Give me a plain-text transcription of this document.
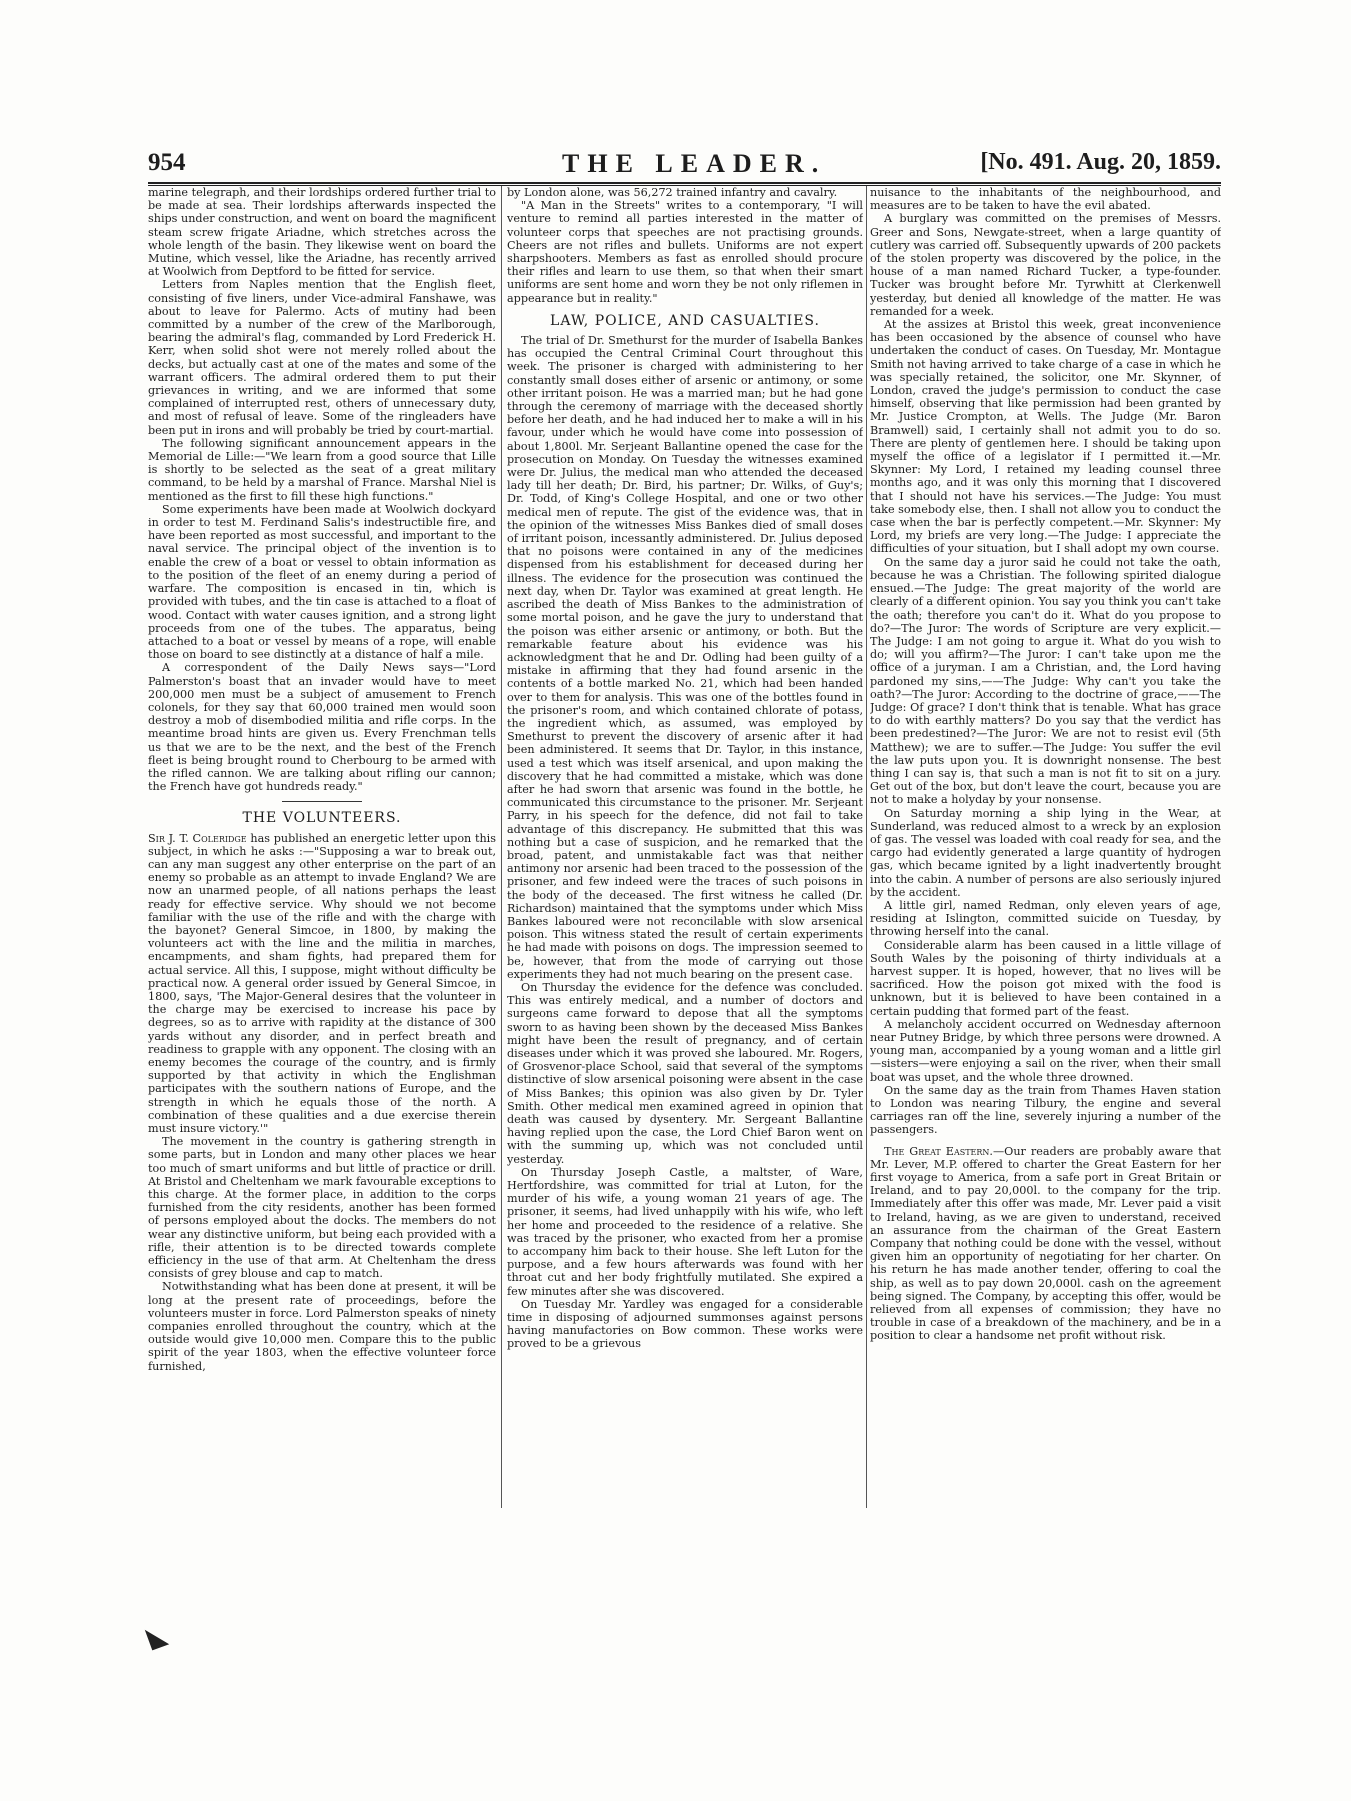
954	THE LEADER.	[No. 491. Aug. 20, 1859.

marine telegraph, and their lordships ordered further trial to be made at sea. Their lordships afterwards inspected the ships under construction, and went on board the magnificent steam screw frigate Ariadne, which stretches across the whole length of the basin. They likewise went on board the Mutine, which vessel, like the Ariadne, has recently arrived at Woolwich from Deptford to be fitted for service.

Letters from Naples mention that the English fleet, consisting of five liners, under Vice-admiral Fanshawe, was about to leave for Palermo. Acts of mutiny had been committed by a number of the crew of the Marlborough, bearing the admiral's flag, commanded by Lord Frederick H. Kerr, when solid shot were not merely rolled about the decks, but actually cast at one of the mates and some of the warrant officers. The admiral ordered them to put their grievances in writing, and we are informed that some complained of interrupted rest, others of unnecessary duty, and most of refusal of leave. Some of the ringleaders have been put in irons and will probably be tried by court-martial.

The following significant announcement appears in the Memorial de Lille:—"We learn from a good source that Lille is shortly to be selected as the seat of a great military command, to be held by a marshal of France. Marshal Niel is mentioned as the first to fill these high functions."

Some experiments have been made at Woolwich dockyard in order to test M. Ferdinand Salis's indestructible fire, and have been reported as most successful, and important to the naval service. The principal object of the invention is to enable the crew of a boat or vessel to obtain information as to the position of the fleet of an enemy during a period of warfare. The composition is encased in tin, which is provided with tubes, and the tin case is attached to a float of wood. Contact with water causes ignition, and a strong light proceeds from one of the tubes. The apparatus, being attached to a boat or vessel by means of a rope, will enable those on board to see distinctly at a distance of half a mile.

A correspondent of the Daily News says—"Lord Palmerston's boast that an invader would have to meet 200,000 men must be a subject of amusement to French colonels, for they say that 60,000 trained men would soon destroy a mob of disembodied militia and rifle corps. In the meantime broad hints are given us. Every Frenchman tells us that we are to be the next, and the best of the French fleet is being brought round to Cherbourg to be armed with the rifled cannon. We are talking about rifling our cannon; the French have got hundreds ready."

THE VOLUNTEERS.

Sir J. T. Coleridge has published an energetic letter upon this subject, in which he asks :—"Supposing a war to break out, can any man suggest any other enterprise on the part of an enemy so probable as an attempt to invade England? We are now an unarmed people, of all nations perhaps the least ready for effective service. Why should we not become familiar with the use of the rifle and with the charge with the bayonet? General Simcoe, in 1800, by making the volunteers act with the line and the militia in marches, encampments, and sham fights, had prepared them for actual service. All this, I suppose, might without difficulty be practical now. A general order issued by General Simcoe, in 1800, says, 'The Major-General desires that the volunteer in the charge may be exercised to increase his pace by degrees, so as to arrive with rapidity at the distance of 300 yards without any disorder, and in perfect breath and readiness to grapple with any opponent. The closing with an enemy becomes the courage of the country, and is firmly supported by that activity in which the Englishman participates with the southern nations of Europe, and the strength in which he equals those of the north. A combination of these qualities and a due exercise therein must insure victory.'"

The movement in the country is gathering strength in some parts, but in London and many other places we hear too much of smart uniforms and but little of practice or drill. At Bristol and Cheltenham we mark favourable exceptions to this charge. At the former place, in addition to the corps furnished from the city residents, another has been formed of persons employed about the docks. The members do not wear any distinctive uniform, but being each provided with a rifle, their attention is to be directed towards complete efficiency in the use of that arm. At Cheltenham the dress consists of grey blouse and cap to match.

Notwithstanding what has been done at present, it will be long at the present rate of proceedings, before the volunteers muster in force. Lord Palmerston speaks of ninety companies enrolled throughout the country, which at the outside would give 10,000 men. Compare this to the public spirit of the year 1803, when the effective volunteer force furnished,

by London alone, was 56,272 trained infantry and cavalry.

"A Man in the Streets" writes to a contemporary, "I will venture to remind all parties interested in the matter of volunteer corps that speeches are not practising grounds. Cheers are not rifles and bullets. Uniforms are not expert sharpshooters. Members as fast as enrolled should procure their rifles and learn to use them, so that when their smart uniforms are sent home and worn they be not only riflemen in appearance but in reality."

LAW, POLICE, AND CASUALTIES.

The trial of Dr. Smethurst for the murder of Isabella Bankes has occupied the Central Criminal Court throughout this week. The prisoner is charged with administering to her constantly small doses either of arsenic or antimony, or some other irritant poison. He was a married man; but he had gone through the ceremony of marriage with the deceased shortly before her death, and he had induced her to make a will in his favour, under which he would have come into possession of about 1,800l. Mr. Serjeant Ballantine opened the case for the prosecution on Monday. On Tuesday the witnesses examined were Dr. Julius, the medical man who attended the deceased lady till her death; Dr. Bird, his partner; Dr. Wilks, of Guy's; Dr. Todd, of King's College Hospital, and one or two other medical men of repute. The gist of the evidence was, that in the opinion of the witnesses Miss Bankes died of small doses of irritant poison, incessantly administered. Dr. Julius deposed that no poisons were contained in any of the medicines dispensed from his establishment for deceased during her illness. The evidence for the prosecution was continued the next day, when Dr. Taylor was examined at great length. He ascribed the death of Miss Bankes to the administration of some mortal poison, and he gave the jury to understand that the poison was either arsenic or antimony, or both. But the remarkable feature about his evidence was his acknowledgment that he and Dr. Odling had been guilty of a mistake in affirming that they had found arsenic in the contents of a bottle marked No. 21, which had been handed over to them for analysis. This was one of the bottles found in the prisoner's room, and which contained chlorate of potass, the ingredient which, as assumed, was employed by Smethurst to prevent the discovery of arsenic after it had been administered. It seems that Dr. Taylor, in this instance, used a test which was itself arsenical, and upon making the discovery that he had committed a mistake, which was done after he had sworn that arsenic was found in the bottle, he communicated this circumstance to the prisoner. Mr. Serjeant Parry, in his speech for the defence, did not fail to take advantage of this discrepancy. He submitted that this was nothing but a case of suspicion, and he remarked that the broad, patent, and unmistakable fact was that neither antimony nor arsenic had been traced to the possession of the prisoner, and few indeed were the traces of such poisons in the body of the deceased. The first witness he called (Dr. Richardson) maintained that the symptoms under which Miss Bankes laboured were not reconcilable with slow arsenical poison. This witness stated the result of certain experiments he had made with poisons on dogs. The impression seemed to be, however, that from the mode of carrying out those experiments they had not much bearing on the present case.

On Thursday the evidence for the defence was concluded. This was entirely medical, and a number of doctors and surgeons came forward to depose that all the symptoms sworn to as having been shown by the deceased Miss Bankes might have been the result of pregnancy, and of certain diseases under which it was proved she laboured. Mr. Rogers, of Grosvenor-place School, said that several of the symptoms distinctive of slow arsenical poisoning were absent in the case of Miss Bankes; this opinion was also given by Dr. Tyler Smith. Other medical men examined agreed in opinion that death was caused by dysentery. Mr. Sergeant Ballantine having replied upon the case, the Lord Chief Baron went on with the summing up, which was not concluded until yesterday.

On Thursday Joseph Castle, a maltster, of Ware, Hertfordshire, was committed for trial at Luton, for the murder of his wife, a young woman 21 years of age. The prisoner, it seems, had lived unhappily with his wife, who left her home and proceeded to the residence of a relative. She was traced by the prisoner, who exacted from her a promise to accompany him back to their house. She left Luton for the purpose, and a few hours afterwards was found with her throat cut and her body frightfully mutilated. She expired a few minutes after she was discovered.

On Tuesday Mr. Yardley was engaged for a considerable time in disposing of adjourned summonses against persons having manufactories on Bow common. These works were proved to be a grievous

nuisance to the inhabitants of the neighbourhood, and measures are to be taken to have the evil abated.

A burglary was committed on the premises of Messrs. Greer and Sons, Newgate-street, when a large quantity of cutlery was carried off. Subsequently upwards of 200 packets of the stolen property was discovered by the police, in the house of a man named Richard Tucker, a type-founder. Tucker was brought before Mr. Tyrwhitt at Clerkenwell yesterday, but denied all knowledge of the matter. He was remanded for a week.

At the assizes at Bristol this week, great inconvenience has been occasioned by the absence of counsel who have undertaken the conduct of cases. On Tuesday, Mr. Montague Smith not having arrived to take charge of a case in which he was specially retained, the solicitor, one Mr. Skynner, of London, craved the judge's permission to conduct the case himself, observing that like permission had been granted by Mr. Justice Crompton, at Wells. The Judge (Mr. Baron Bramwell) said, I certainly shall not admit you to do so. There are plenty of gentlemen here. I should be taking upon myself the office of a legislator if I permitted it.—Mr. Skynner: My Lord, I retained my leading counsel three months ago, and it was only this morning that I discovered that I should not have his services.—The Judge: You must take somebody else, then. I shall not allow you to conduct the case when the bar is perfectly competent.—Mr. Skynner: My Lord, my briefs are very long.—The Judge: I appreciate the difficulties of your situation, but I shall adopt my own course.

On the same day a juror said he could not take the oath, because he was a Christian. The following spirited dialogue ensued.—The Judge: The great majority of the world are clearly of a different opinion. You say you think you can't take the oath; therefore you can't do it. What do you propose to do?—The Juror: The words of Scripture are very explicit.—The Judge: I am not going to argue it. What do you wish to do; will you affirm?—The Juror: I can't take upon me the office of a juryman. I am a Christian, and, the Lord having pardoned my sins,——The Judge: Why can't you take the oath?—The Juror: According to the doctrine of grace,——The Judge: Of grace? I don't think that is tenable. What has grace to do with earthly matters? Do you say that the verdict has been predestined?—The Juror: We are not to resist evil (5th Matthew); we are to suffer.—The Judge: You suffer the evil the law puts upon you. It is downright nonsense. The best thing I can say is, that such a man is not fit to sit on a jury. Get out of the box, but don't leave the court, because you are not to make a holyday by your nonsense.

On Saturday morning a ship lying in the Wear, at Sunderland, was reduced almost to a wreck by an explosion of gas. The vessel was loaded with coal ready for sea, and the cargo had evidently generated a large quantity of hydrogen gas, which became ignited by a light inadvertently brought into the cabin. A number of persons are also seriously injured by the accident.

A little girl, named Redman, only eleven years of age, residing at Islington, committed suicide on Tuesday, by throwing herself into the canal.

Considerable alarm has been caused in a little village of South Wales by the poisoning of thirty individuals at a harvest supper. It is hoped, however, that no lives will be sacrificed. How the poison got mixed with the food is unknown, but it is believed to have been contained in a certain pudding that formed part of the feast.

A melancholy accident occurred on Wednesday afternoon near Putney Bridge, by which three persons were drowned. A young man, accompanied by a young woman and a little girl—sisters—were enjoying a sail on the river, when their small boat was upset, and the whole three drowned.

On the same day as the train from Thames Haven station to London was nearing Tilbury, the engine and several carriages ran off the line, severely injuring a number of the passengers.

The Great Eastern.—Our readers are probably aware that Mr. Lever, M.P. offered to charter the Great Eastern for her first voyage to America, from a safe port in Great Britain or Ireland, and to pay 20,000l. to the company for the trip. Immediately after this offer was made, Mr. Lever paid a visit to Ireland, having, as we are given to understand, received an assurance from the chairman of the Great Eastern Company that nothing could be done with the vessel, without given him an opportunity of negotiating for her charter. On his return he has made another tender, offering to coal the ship, as well as to pay down 20,000l. cash on the agreement being signed. The Company, by accepting this offer, would be relieved from all expenses of commission; they have no trouble in case of a breakdown of the machinery, and be in a position to clear a handsome net profit without risk.
